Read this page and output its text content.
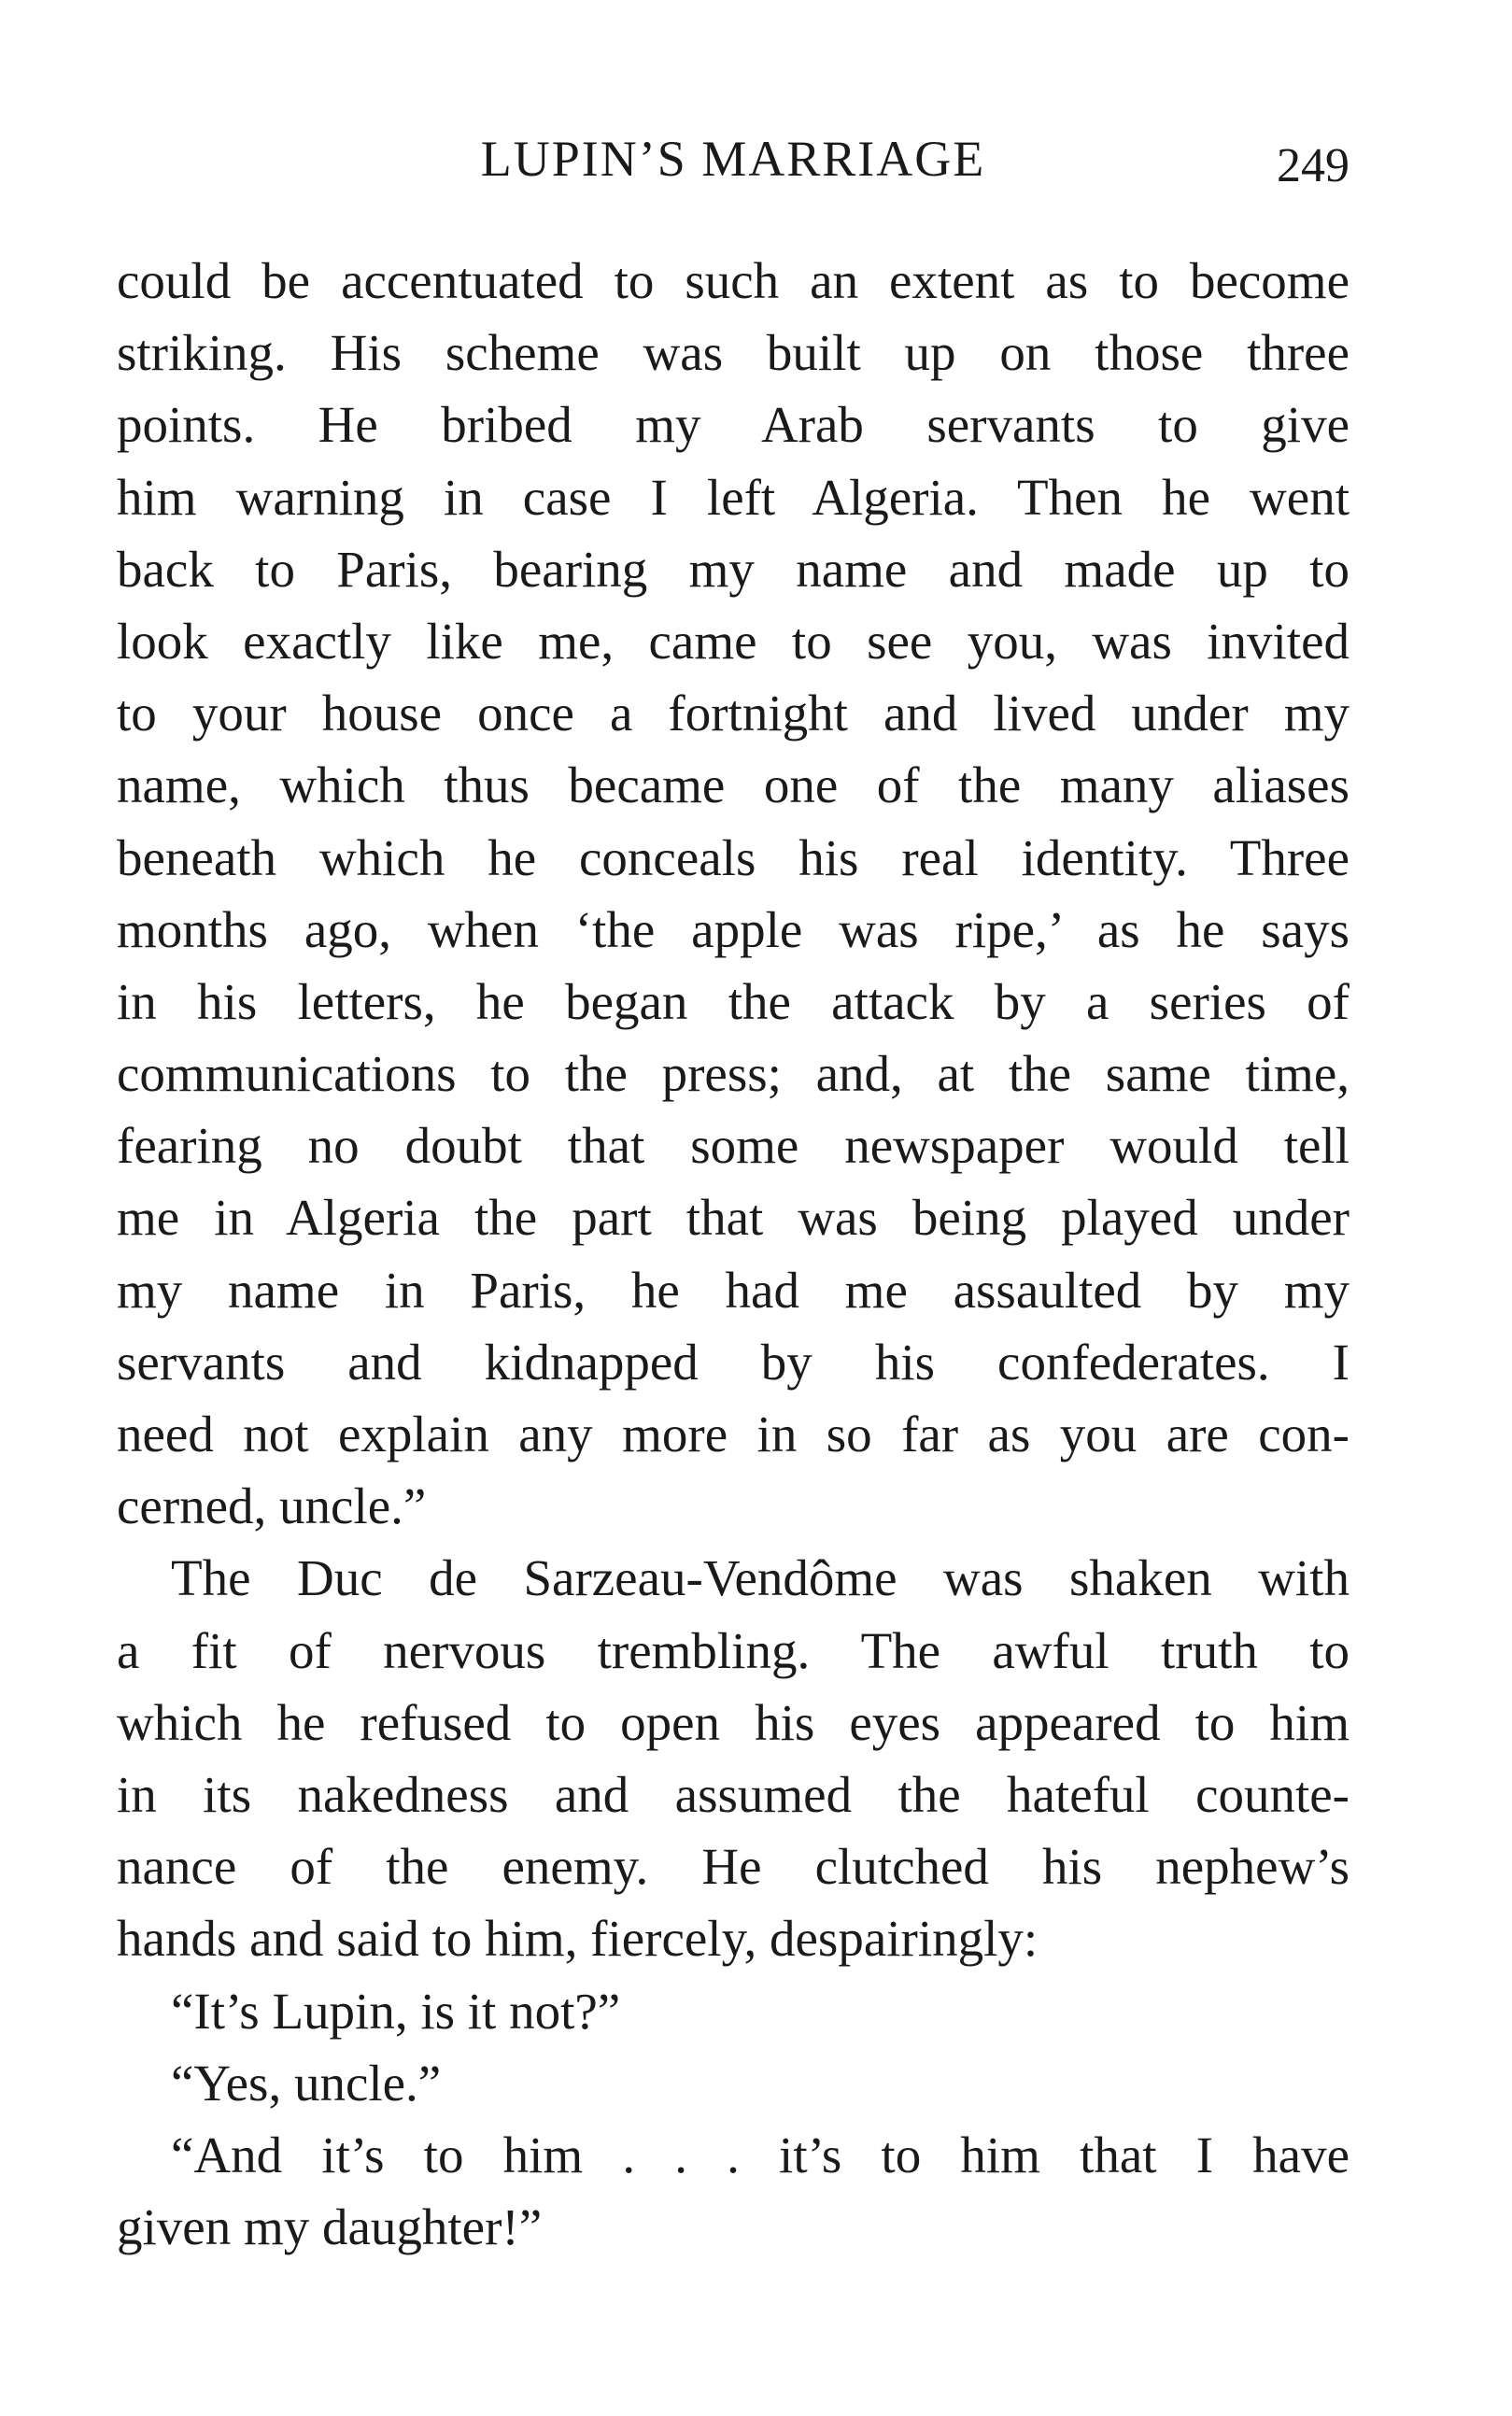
LUPIN’S MARRIAGE	249
could be accentuated to such an extent as to become
striking. His scheme was built up on those three
points. He bribed my Arab servants to give
him warning in case I left Algeria. Then he went
back to Paris, bearing my name and made up to
look exactly like me, came to see you, was invited
to your house once a fortnight and lived under my
name, which thus became one of the many aliases
beneath which he conceals his real identity. Three
months ago, when ‘the apple was ripe,’ as he says
in his letters, he began the attack by a series of
communications to the press; and, at the same time,
fearing no doubt that some newspaper would tell
me in Algeria the part that was being played under
my name in Paris, he had me assaulted by my
servants and kidnapped by his confederates. I
need not explain any more in so far as you are con-
cerned, uncle.”
The Duc de Sarzeau-Vendôme was shaken with
a fit of nervous trembling. The awful truth to
which he refused to open his eyes appeared to him
in its nakedness and assumed the hateful counte-
nance of the enemy. He clutched his nephew’s
hands and said to him, fiercely, despairingly:
“It’s Lupin, is it not?”
“Yes, uncle.”
“And it’s to him . . . it’s to him that I have
given my daughter!”
